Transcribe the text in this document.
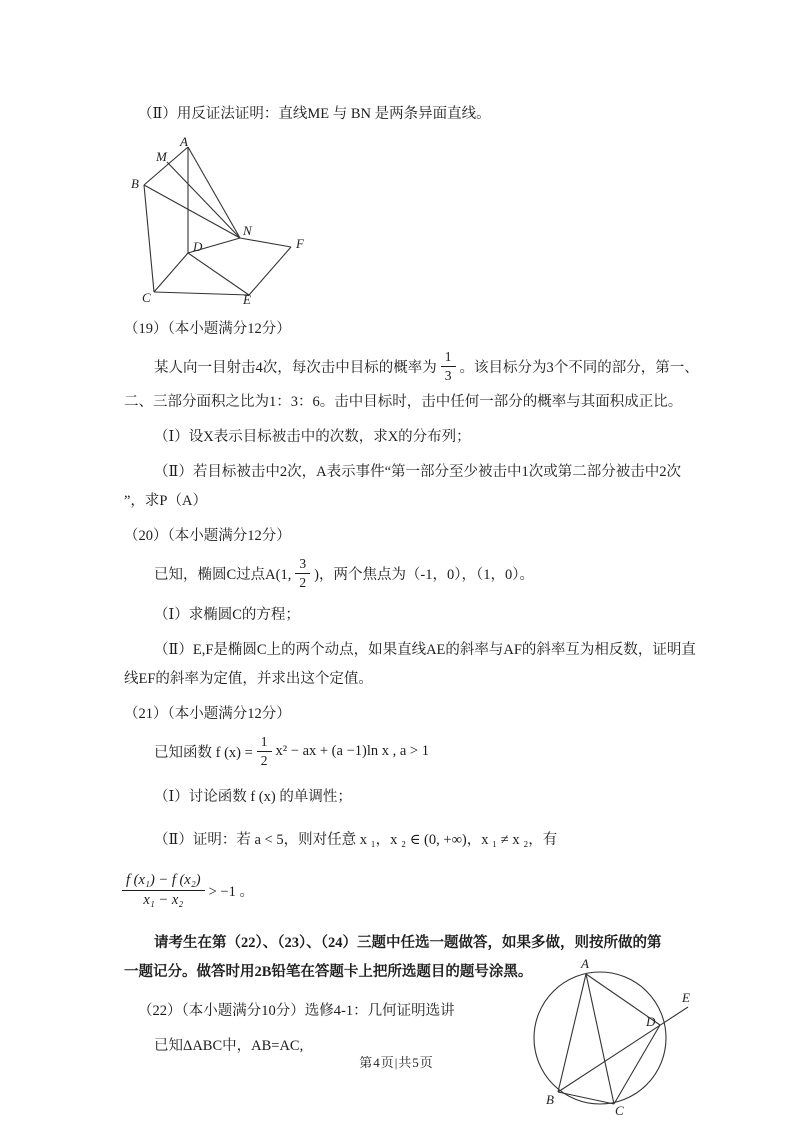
（Ⅱ）用反证法证明：直线ME 与 BN 是两条异面直线。
A
M
B
D
N
F
C	E
（19）（本小题满分12分）
某人向一目射击4次，每次击中目标的概率为 $\frac{1}{3}$ 。该目标分为3个不同的部分，第一、
二、三部分面积之比为1：3：6。击中目标时，击中任何一部分的概率与其面积成正比。
（Ⅰ）设X表示目标被击中的次数，求X的分布列；
（Ⅱ）若目标被击中2次，A表示事件“第一部分至少被击中1次或第二部分被击中2次
”，求P（A）
（20）（本小题满分12分）
已知，椭圆C过点A(1, $\frac{3}{2}$ )，两个焦点为（-1，0），（1，0）。
（Ⅰ）求椭圆C的方程；
（Ⅱ）E,F是椭圆C上的两个动点，如果直线AE的斜率与AF的斜率互为相反数，证明直
线EF的斜率为定值，并求出这个定值。
（21）（本小题满分12分）
已知函数 f $(x) = \frac{1}{2} x^2$ − ax + (a −1)ln x , a > 1
（Ⅰ）讨论函数 f (x) 的单调性；
（Ⅱ）证明：若 a < 5，则对任意 x ₁，x ₂ ∈ (0, +∞)，x ₁ ≠ x ₂，有
$\frac{\text{f (x₁) − f (x₂)}}{\text{x₁ − x₂}} > -1$ 。
请考生在第（22）、（23）、（24）三题中任选一题做答，如果多做，则按所做的第
一题记分。做答时用2B铅笔在答题卡上把所选题目的题号涂黑。
（22）（本小题满分10分）选修4-1：几何证明选讲
已知ΔABC中，AB=AC,
A
D
E
B
C
第4页|共5页
